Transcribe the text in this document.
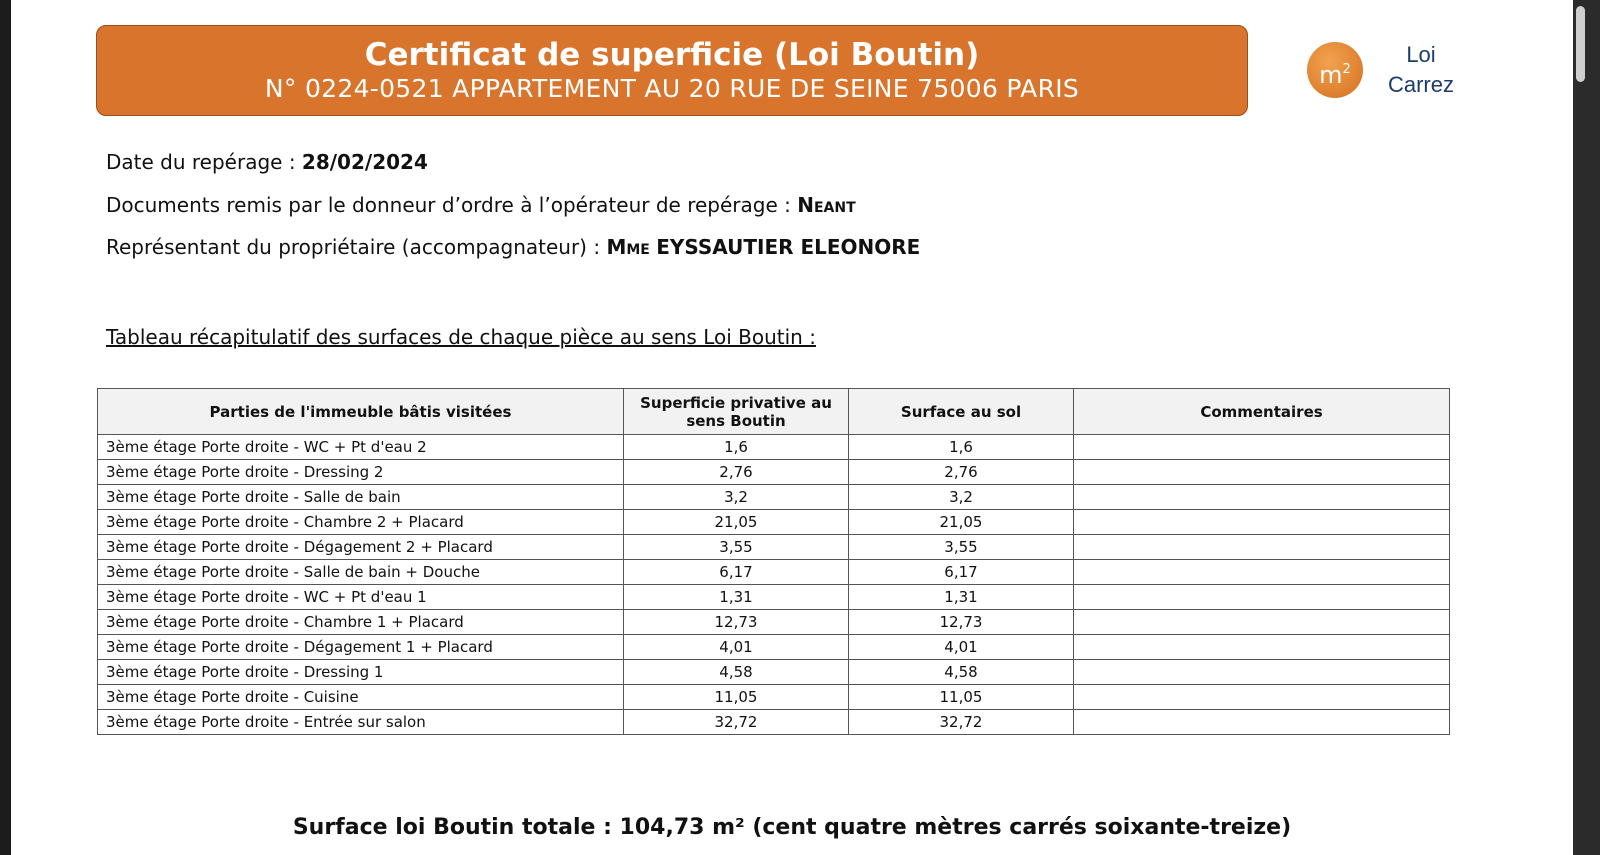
Certificat de superficie (Loi Boutin)
N° 0224-0521 APPARTEMENT AU 20 RUE DE SEINE 75006 PARIS	$m^2$
Loi
Carrez
Date du repérage : 28/02/2024
Documents remis par le donneur d’ordre à l’opérateur de repérage : Neant
Représentant du propriétaire (accompagnateur) : Mme EYSSAUTIER ELEONORE
Tableau récapitulatif des surfaces de chaque pièce au sens Loi Boutin :
Parties de l'immeuble bâtis visitées	Superficie privative au sens Boutin	Surface au sol	Commentaires
3ème étage Porte droite - WC + Pt d'eau 2	1,6	1,6	
3ème étage Porte droite - Dressing 2	2,76	2,76	
3ème étage Porte droite - Salle de bain	3,2	3,2	
3ème étage Porte droite - Chambre 2 + Placard	21,05	21,05	
3ème étage Porte droite - Dégagement 2 + Placard	3,55	3,55	
3ème étage Porte droite - Salle de bain + Douche	6,17	6,17	
3ème étage Porte droite - WC + Pt d'eau 1	1,31	1,31	
3ème étage Porte droite - Chambre 1 + Placard	12,73	12,73	
3ème étage Porte droite - Dégagement 1 + Placard	4,01	4,01	
3ème étage Porte droite - Dressing 1	4,58	4,58	
3ème étage Porte droite - Cuisine	11,05	11,05	
3ème étage Porte droite - Entrée sur salon	32,72	32,72	
Surface loi Boutin totale : 104,73 m² (cent quatre mètres carrés soixante-treize)
